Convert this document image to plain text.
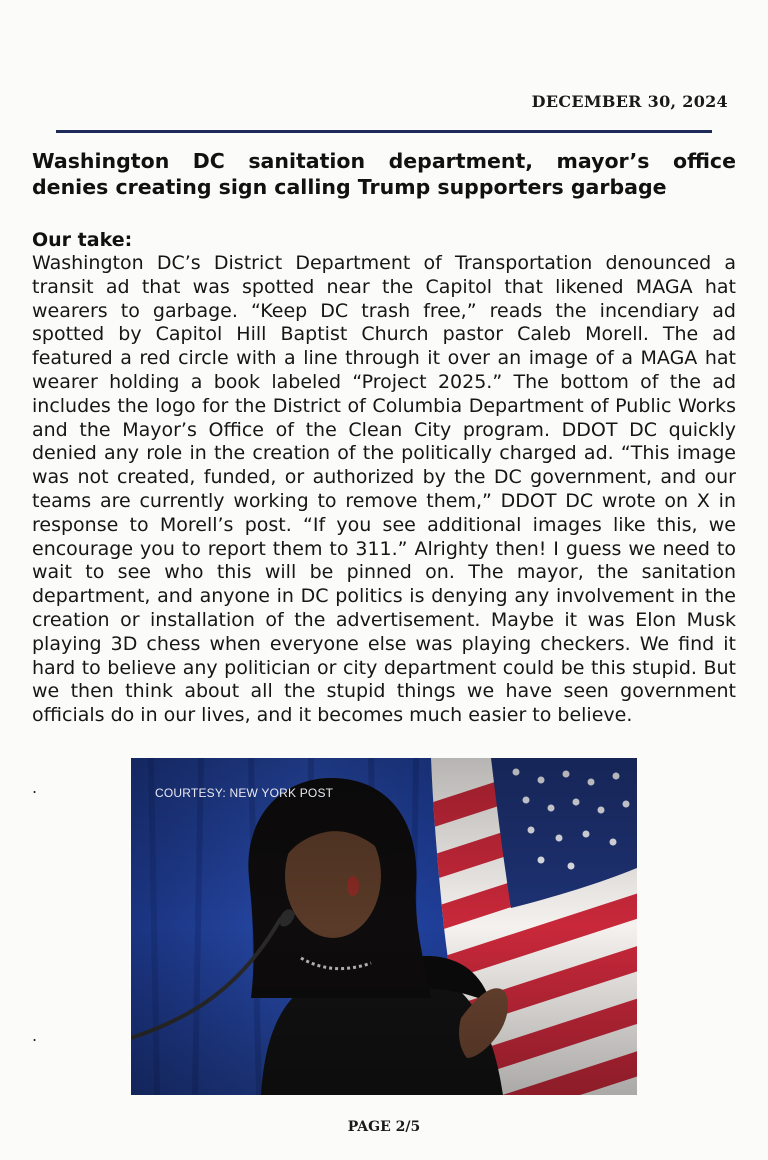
DECEMBER 30, 2024
Washington DC sanitation department, mayor’s office denies creating sign calling Trump supporters garbage

Our take:

Washington DC’s District Department of Transportation denounced a transit ad that was spotted near the Capitol that likened MAGA hat wearers to garbage. “Keep DC trash free,” reads the incendiary ad spotted by Capitol Hill Baptist Church pastor Caleb Morell. The ad featured a red circle with a line through it over an image of a MAGA hat wearer holding a book labeled “Project 2025.” The bottom of the ad includes the logo for the District of Columbia Department of Public Works and the Mayor’s Office of the Clean City program. DDOT DC quickly denied any role in the creation of the politically charged ad. “This image was not created, funded, or authorized by the DC government, and our teams are currently working to remove them,” DDOT DC wrote on X in response to Morell’s post. “If you see additional images like this, we encourage you to report them to 311.” Alrighty then! I guess we need to wait to see who this will be pinned on. The mayor, the sanitation department, and anyone in DC politics is denying any involvement in the creation or installation of the advertisement. Maybe it was Elon Musk playing 3D chess when everyone else was playing checkers. We find it hard to believe any politician or city department could be this stupid. But we then think about all the stupid things we have seen government officials do in our lives, and it becomes much easier to believe.

.
.
COURTESY: NEW YORK POST
PAGE 2/5
